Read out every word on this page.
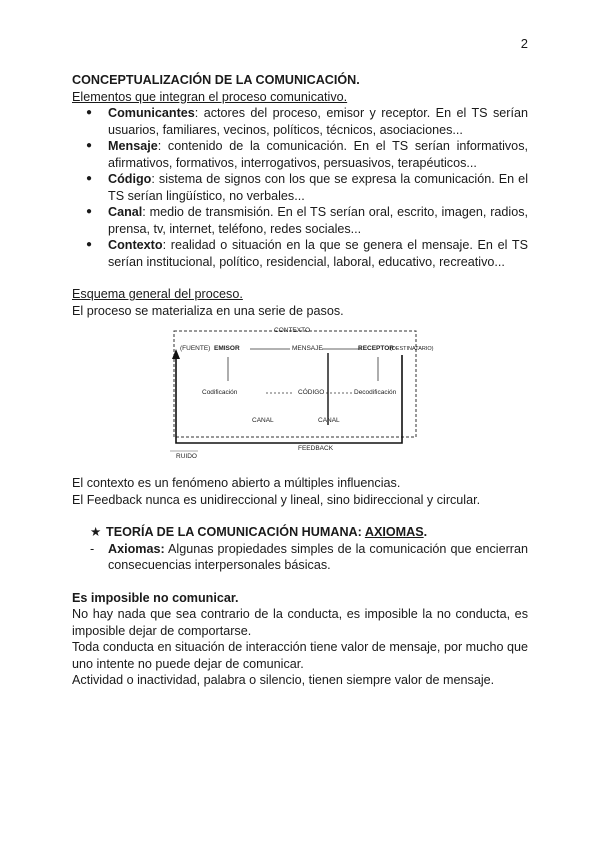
2

CONCEPTUALIZACIÓN DE LA COMUNICACIÓN.

Elementos que integran el proceso comunicativo.

● Comunicantes: actores del proceso, emisor y receptor. En el TS serían usuarios, familiares, vecinos, políticos, técnicos, asociaciones...
● Mensaje: contenido de la comunicación. En el TS serían informativos, afirmativos, formativos, interrogativos, persuasivos, terapéuticos...
● Código: sistema de signos con los que se expresa la comunicación. En el TS serían lingüístico, no verbales...
● Canal: medio de transmisión. En el TS serían oral, escrito, imagen, radios, prensa, tv, internet, teléfono, redes sociales...
● Contexto: realidad o situación en la que se genera el mensaje. En el TS serían institucional, político, residencial, laboral, educativo, recreativo...

Esquema general del proceso.

El proceso se materializa en una serie de pasos.

CONTEXTO
(FUENTE) EMISOR	MENSAJE	RECEPTOR
(DESTINATARIO)
Codificación	CÓDIGO	Decodificación
CANAL	CANAL
FEEDBACK
RUIDO

El contexto es un fenómeno abierto a múltiples influencias.

El Feedback nunca es unidireccional y lineal, sino bidireccional y circular.

★ TEORÍA DE LA COMUNICACIÓN HUMANA: AXIOMAS.

- Axiomas: Algunas propiedades simples de la comunicación que encierran consecuencias interpersonales básicas.

Es imposible no comunicar.

No hay nada que sea contrario de la conducta, es imposible la no conducta, es imposible dejar de comportarse.

Toda conducta en situación de interacción tiene valor de mensaje, por mucho que uno intente no puede dejar de comunicar.

Actividad o inactividad, palabra o silencio, tienen siempre valor de mensaje.
